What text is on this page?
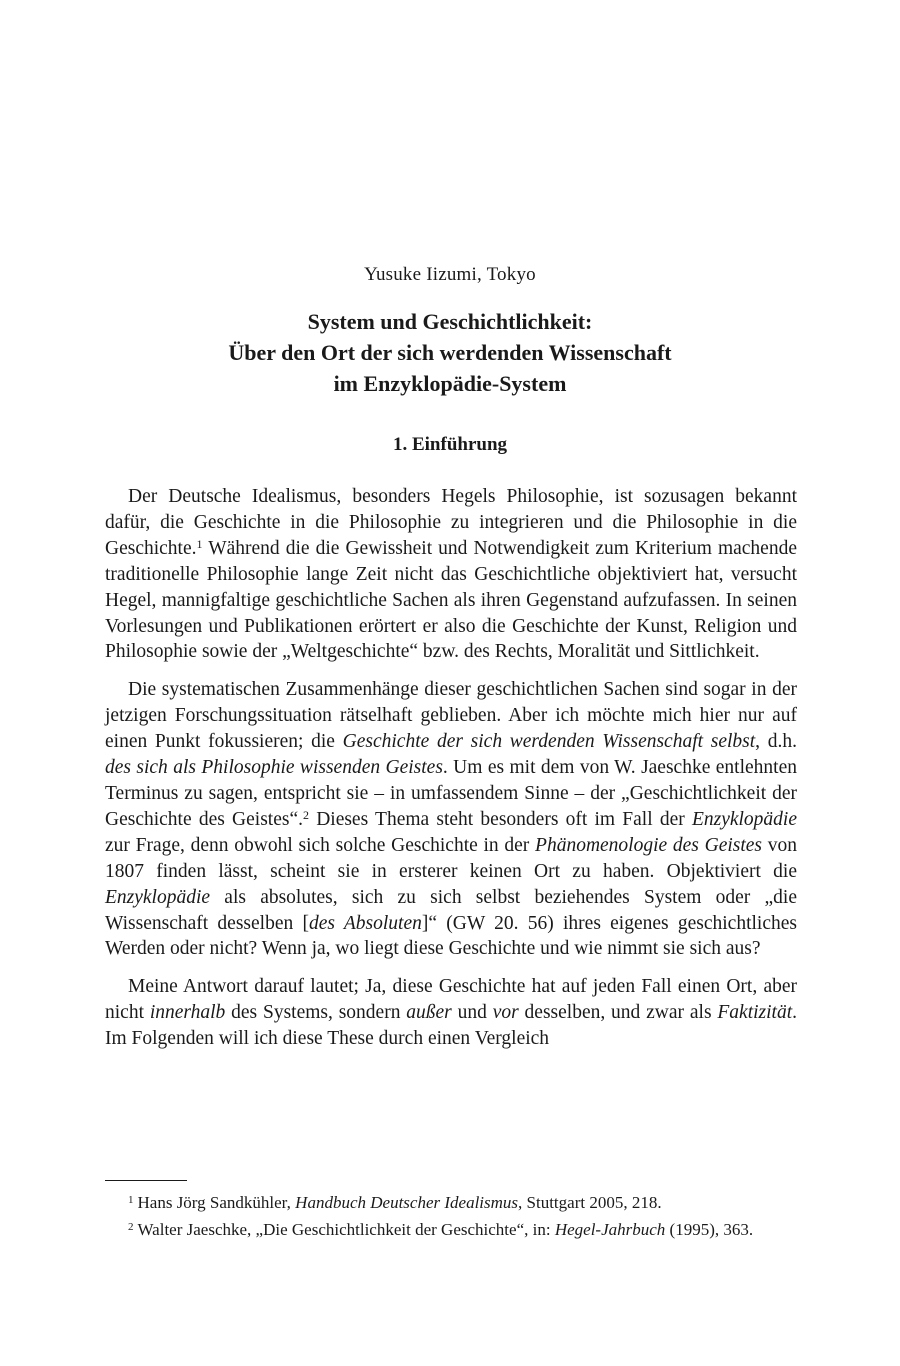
Yusuke Iizumi, Tokyo
System und Geschichtlichkeit:
Über den Ort der sich werdenden Wissenschaft
im Enzyklopädie-System
1. Einführung

Der Deutsche Idealismus, besonders Hegels Philosophie, ist sozusagen bekannt dafür, die Geschichte in die Philosophie zu integrieren und die Philosophie in die Geschichte.$^1$ Während die die Gewissheit und Notwendigkeit zum Kriterium machende traditionelle Philosophie lange Zeit nicht das Geschichtliche objektiviert hat, versucht Hegel, mannigfaltige geschichtliche Sachen als ihren Gegenstand aufzufassen. In seinen Vorlesungen und Publikationen erörtert er also die Geschichte der Kunst, Religion und Philosophie sowie der „Weltgeschichte“ bzw. des Rechts, Moralität und Sittlichkeit.

Die systematischen Zusammenhänge dieser geschichtlichen Sachen sind sogar in der jetzigen Forschungssituation rätselhaft geblieben. Aber ich möchte mich hier nur auf einen Punkt fokussieren; die Geschichte der sich werdenden Wissenschaft selbst, d.h. des sich als Philosophie wissenden Geistes. Um es mit dem von W. Jaeschke entlehnten Terminus zu sagen, entspricht sie – in umfassendem Sinne – der „Geschichtlichkeit der Geschichte des Geistes“.$^2$ Dieses Thema steht besonders oft im Fall der Enzyklopädie zur Frage, denn obwohl sich solche Geschichte in der Phänomenologie des Geistes von 1807 finden lässt, scheint sie in ersterer keinen Ort zu haben. Objektiviert die Enzyklopädie als absolutes, sich zu sich selbst beziehendes System oder „die Wissenschaft desselben [des Absoluten]“ (GW 20. 56) ihres eigenes geschichtliches Werden oder nicht? Wenn ja, wo liegt diese Geschichte und wie nimmt sie sich aus?

Meine Antwort darauf lautet; Ja, diese Geschichte hat auf jeden Fall einen Ort, aber nicht innerhalb des Systems, sondern außer und vor desselben, und zwar als Faktizität. Im Folgenden will ich diese These durch einen Vergleich

$^1$ Hans Jörg Sandkühler, Handbuch Deutscher Idealismus, Stuttgart 2005, 218.

$^2$ Walter Jaeschke, „Die Geschichtlichkeit der Geschichte“, in: Hegel-Jahrbuch (1995), 363.
